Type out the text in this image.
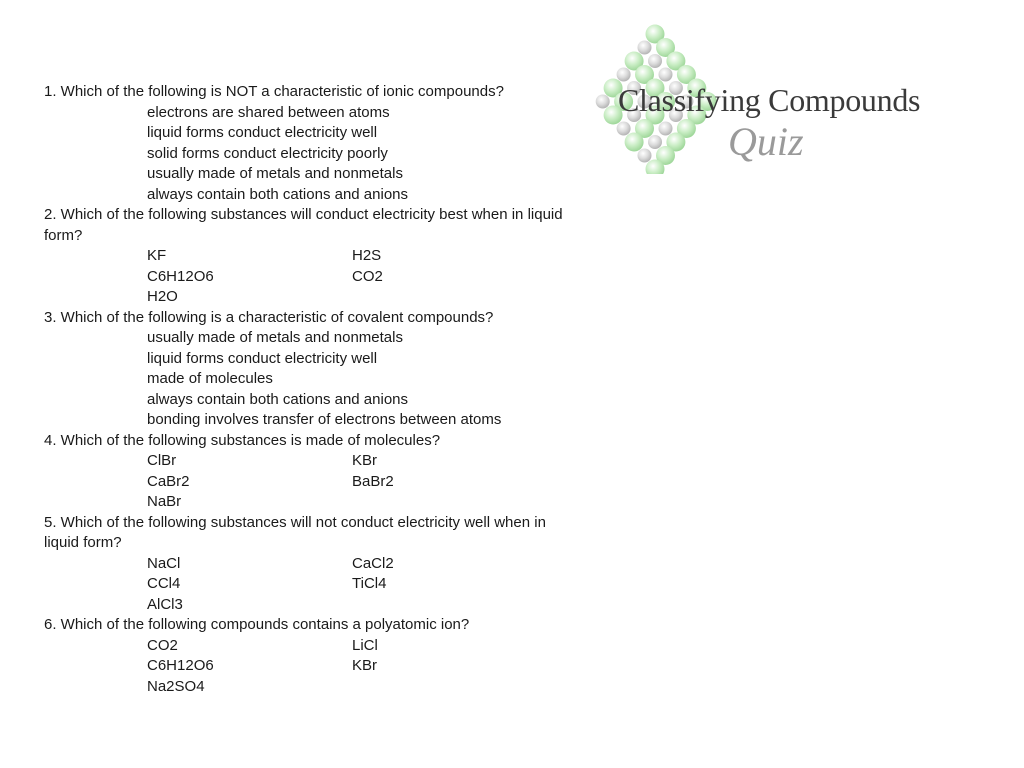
Classifying Compounds
Quiz
1. Which of the following is NOT a characteristic of ionic compounds?
electrons are shared between atoms
liquid forms conduct electricity well
solid forms conduct electricity poorly
usually made of metals and nonmetals
always contain both cations and anions
2. Which of the following substances will conduct electricity best when in liquid form?
KF	H2S
C6H12O6	CO2
H2O
3. Which of the following is a characteristic of covalent compounds?
usually made of metals and nonmetals
liquid forms conduct electricity well
made of molecules
always contain both cations and anions
bonding involves transfer of electrons between atoms
4. Which of the following substances is made of molecules?
ClBr	KBr
CaBr2	BaBr2
NaBr
5. Which of the following substances will not conduct electricity well when in liquid form?
NaCl	CaCl2
CCl4	TiCl4
AlCl3
6. Which of the following compounds contains a polyatomic ion?
CO2	LiCl
C6H12O6	KBr
Na2SO4
